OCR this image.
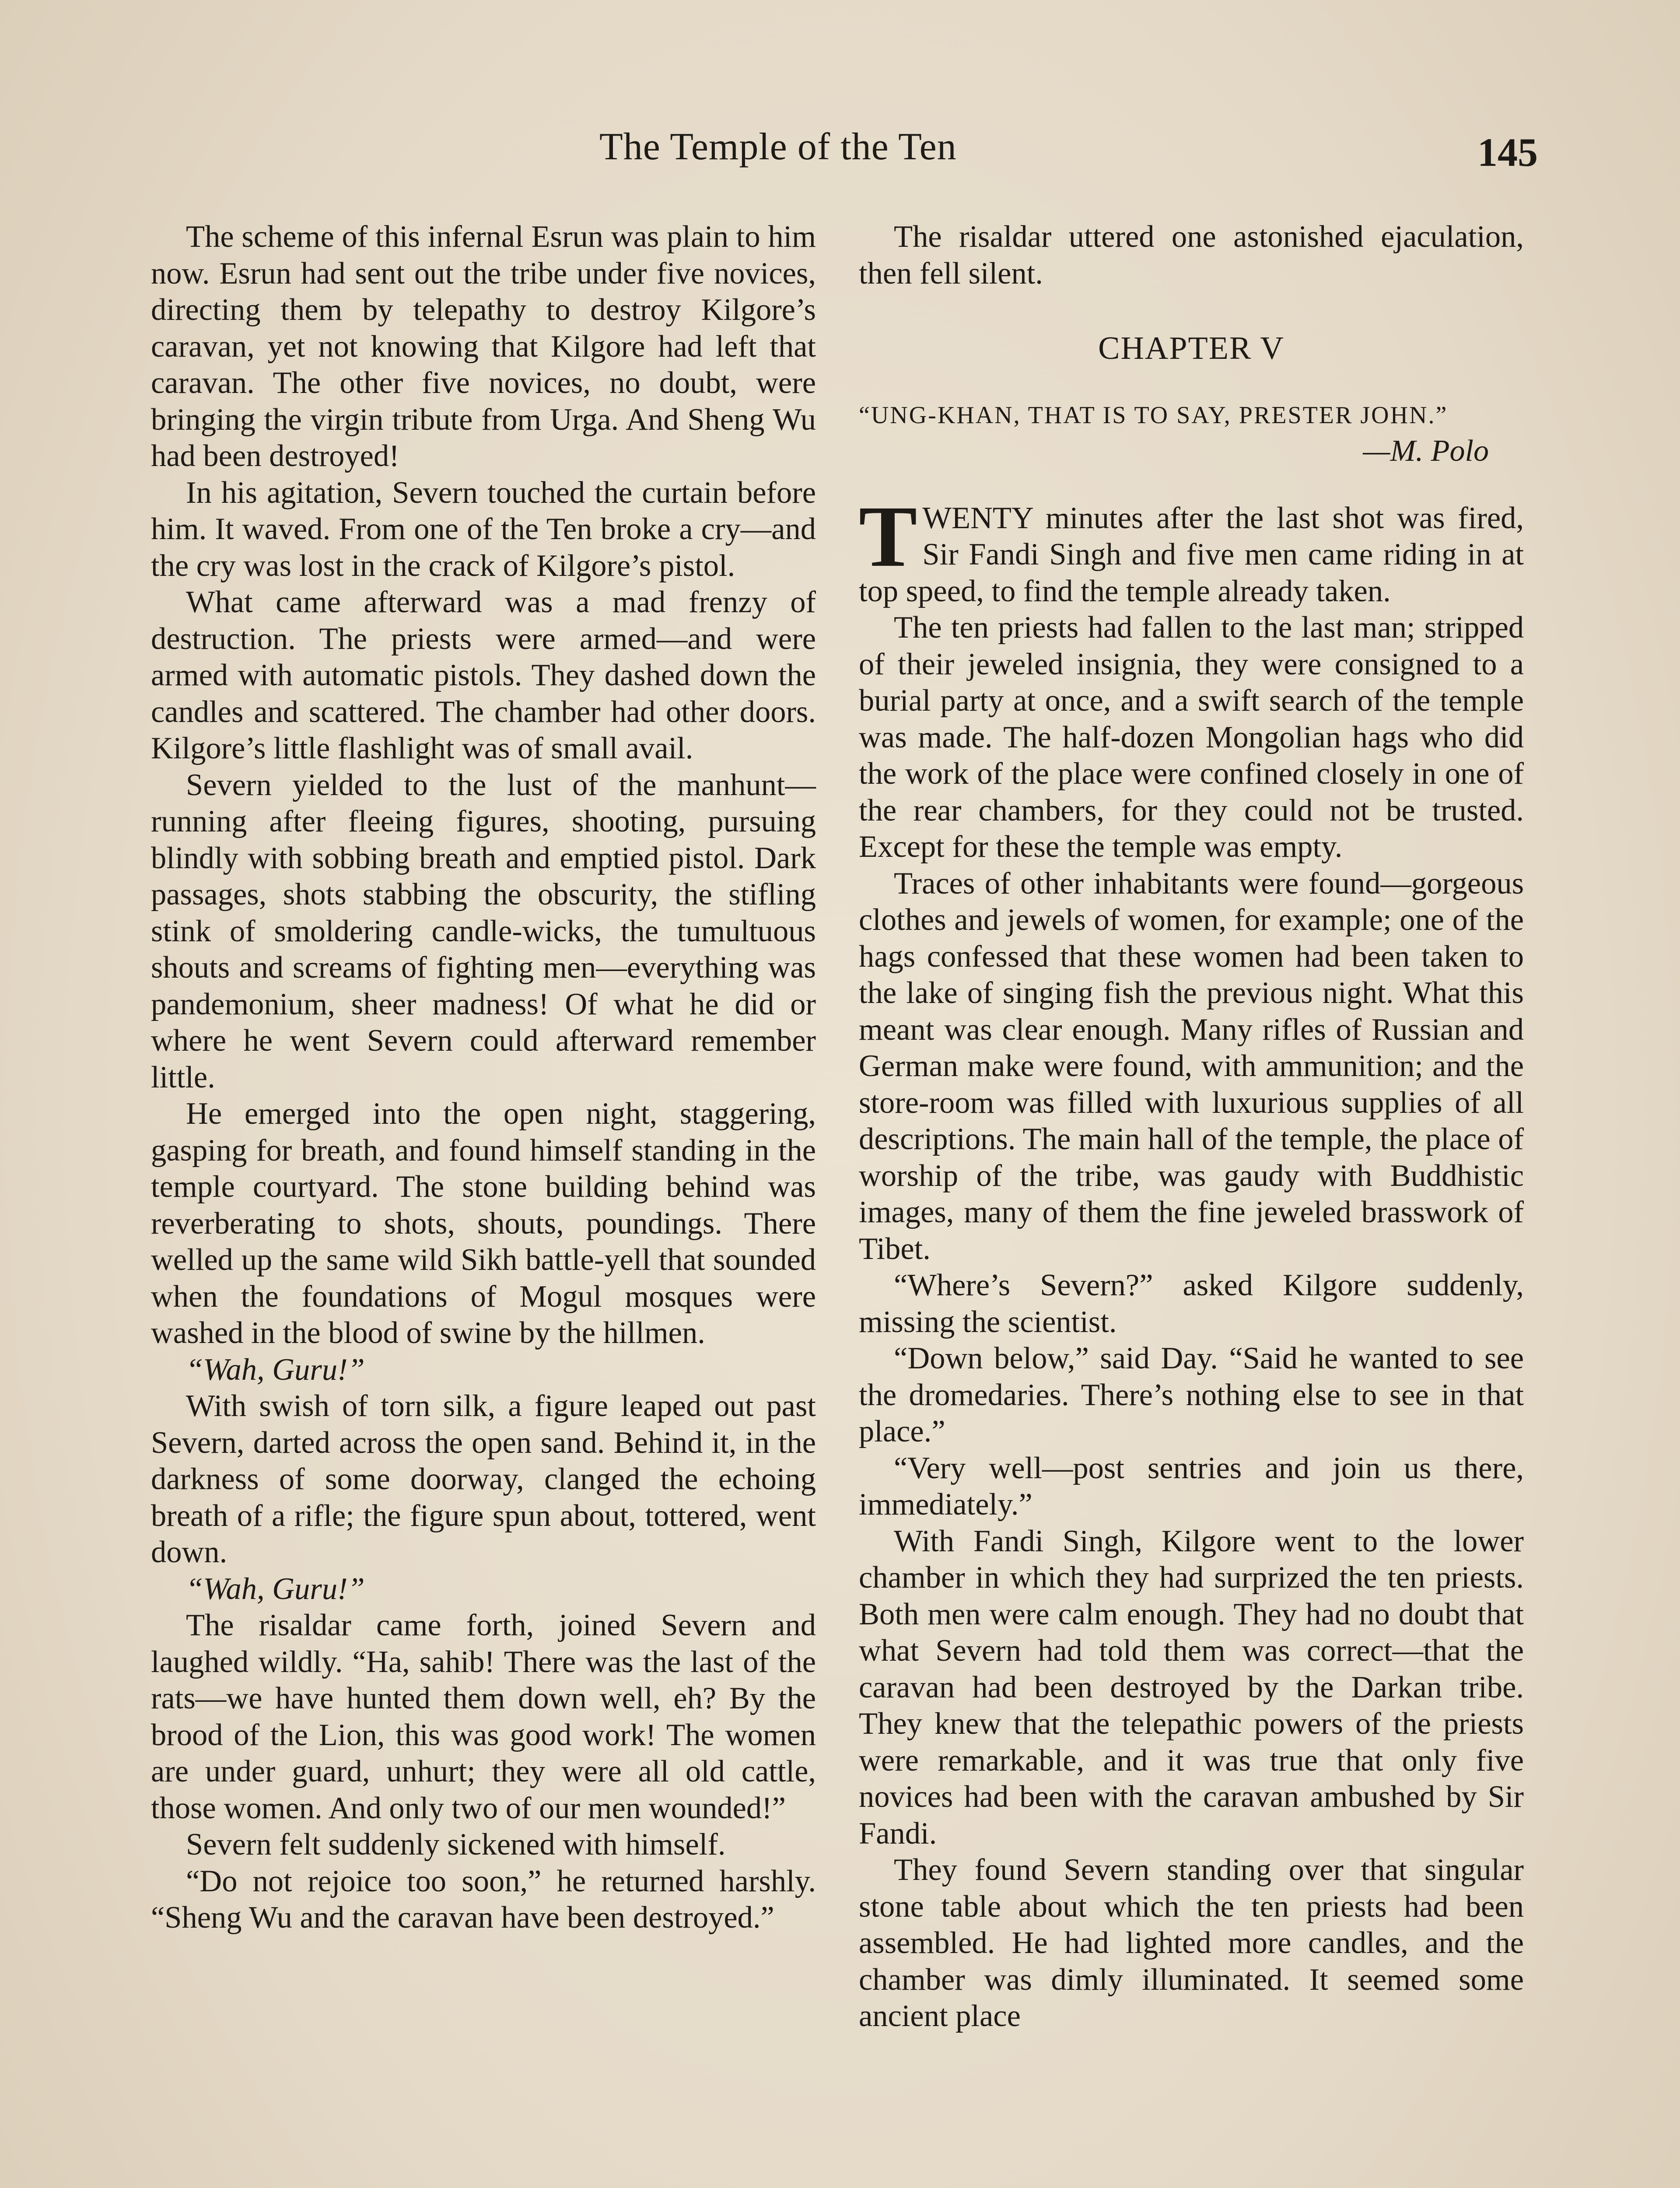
The Temple of the Ten	145

The scheme of this infernal Esrun was plain to him now. Esrun had sent out the tribe under five novices, directing them by telepathy to destroy Kilgore’s caravan, yet not knowing that Kilgore had left that caravan. The other five novices, no doubt, were bringing the virgin tribute from Urga. And Sheng Wu had been destroyed!

In his agitation, Severn touched the curtain before him. It waved. From one of the Ten broke a cry—and the cry was lost in the crack of Kilgore’s pistol.

What came afterward was a mad frenzy of destruction. The priests were armed—and were armed with automatic pistols. They dashed down the candles and scattered. The chamber had other doors. Kilgore’s little flashlight was of small avail.

Severn yielded to the lust of the manhunt—running after fleeing figures, shooting, pursuing blindly with sobbing breath and emptied pistol. Dark passages, shots stabbing the obscurity, the stifling stink of smoldering candle-wicks, the tumultuous shouts and screams of fighting men—everything was pandemonium, sheer madness! Of what he did or where he went Severn could afterward remember little.

He emerged into the open night, staggering, gasping for breath, and found himself standing in the temple courtyard. The stone building behind was reverberating to shots, shouts, poundings. There welled up the same wild Sikh battle-yell that sounded when the foundations of Mogul mosques were washed in the blood of swine by the hillmen.

“Wah, Guru!”

With swish of torn silk, a figure leaped out past Severn, darted across the open sand. Behind it, in the darkness of some doorway, clanged the echoing breath of a rifle; the figure spun about, tottered, went down.

“Wah, Guru!”

The risaldar came forth, joined Severn and laughed wildly. “Ha, sahib! There was the last of the rats—we have hunted them down well, eh? By the brood of the Lion, this was good work! The women are under guard, unhurt; they were all old cattle, those women. And only two of our men wounded!”

Severn felt suddenly sickened with himself.

“Do not rejoice too soon,” he returned harshly. “Sheng Wu and the caravan have been destroyed.”

The risaldar uttered one astonished ejaculation, then fell silent.

CHAPTER V
“UNG-KHAN, THAT IS TO SAY, PRESTER JOHN.”
—M. Polo

TWENTY minutes after the last shot was fired, Sir Fandi Singh and five men came riding in at top speed, to find the temple already taken.

The ten priests had fallen to the last man; stripped of their jeweled insignia, they were consigned to a burial party at once, and a swift search of the temple was made. The half-dozen Mongolian hags who did the work of the place were confined closely in one of the rear chambers, for they could not be trusted. Except for these the temple was empty.

Traces of other inhabitants were found—gorgeous clothes and jewels of women, for example; one of the hags confessed that these women had been taken to the lake of singing fish the previous night. What this meant was clear enough. Many rifles of Russian and German make were found, with ammunition; and the store-room was filled with luxurious supplies of all descriptions. The main hall of the temple, the place of worship of the tribe, was gaudy with Buddhistic images, many of them the fine jeweled brasswork of Tibet.

“Where’s Severn?” asked Kilgore suddenly, missing the scientist.

“Down below,” said Day. “Said he wanted to see the dromedaries. There’s nothing else to see in that place.”

“Very well—post sentries and join us there, immediately.”

With Fandi Singh, Kilgore went to the lower chamber in which they had surprized the ten priests. Both men were calm enough. They had no doubt that what Severn had told them was correct—that the caravan had been destroyed by the Darkan tribe. They knew that the telepathic powers of the priests were remarkable, and it was true that only five novices had been with the caravan ambushed by Sir Fandi.

They found Severn standing over that singular stone table about which the ten priests had been assembled. He had lighted more candles, and the chamber was dimly illuminated. It seemed some ancient place
